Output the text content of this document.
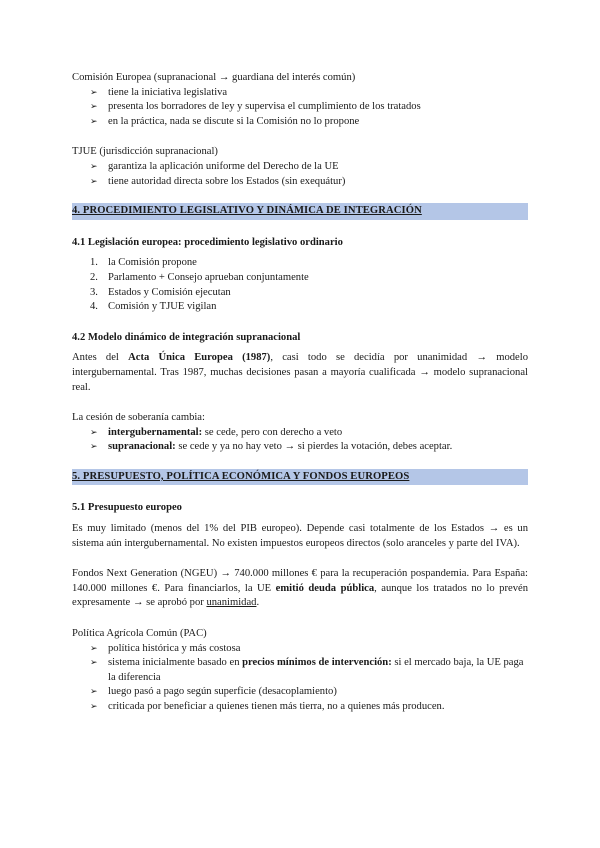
Comisión Europea (supranacional → guardiana del interés común)

➢ tiene la iniciativa legislativa
➢ presenta los borradores de ley y supervisa el cumplimiento de los tratados
➢ en la práctica, nada se discute si la Comisión no lo propone

TJUE (jurisdicción supranacional)

➢ garantiza la aplicación uniforme del Derecho de la UE
➢ tiene autoridad directa sobre los Estados (sin exequátur)

4. PROCEDIMIENTO LEGISLATIVO Y DINÁMICA DE INTEGRACIÓN

4.1 Legislación europea: procedimiento legislativo ordinario
1. la Comisión propone
2. Parlamento + Consejo aprueban conjuntamente
3. Estados y Comisión ejecutan
4. Comisión y TJUE vigilan
4.2 Modelo dinámico de integración supranacional

Antes del Acta Única Europea (1987), casi todo se decidía por unanimidad → modelo intergubernamental. Tras 1987, muchas decisiones pasan a mayoría cualificada → modelo supranacional real.

La cesión de soberanía cambia:

➢ intergubernamental: se cede, pero con derecho a veto
➢ supranacional: se cede y ya no hay veto → si pierdes la votación, debes aceptar.

5. PRESUPUESTO, POLÍTICA ECONÓMICA Y FONDOS EUROPEOS

5.1 Presupuesto europeo

Es muy limitado (menos del 1% del PIB europeo). Depende casi totalmente de los Estados → es un sistema aún intergubernamental. No existen impuestos europeos directos (solo aranceles y parte del IVA).

Fondos Next Generation (NGEU) → 740.000 millones € para la recuperación pospandemia. Para España: 140.000 millones €. Para financiarlos, la UE emitió deuda pública, aunque los tratados no lo prevén expresamente → se aprobó por unanimidad.

Política Agrícola Común (PAC)

➢ política histórica y más costosa
➢ sistema inicialmente basado en precios mínimos de intervención: si el mercado baja, la UE paga la diferencia
➢ luego pasó a pago según superficie (desacoplamiento)
➢ criticada por beneficiar a quienes tienen más tierra, no a quienes más producen.
